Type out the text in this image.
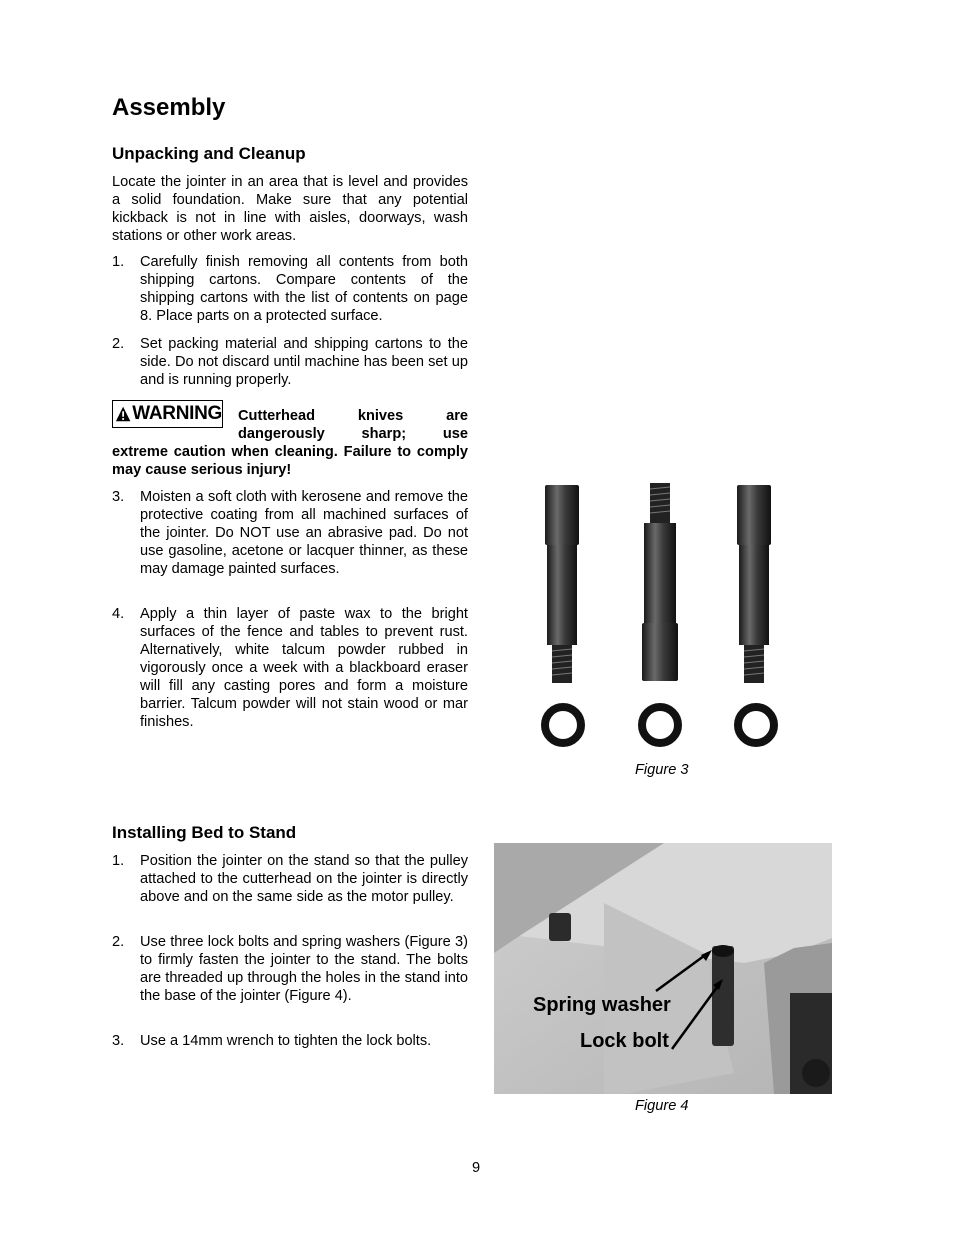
Assembly
Unpacking and Cleanup
Locate the jointer in an area that is level and provides a solid foundation. Make sure that any potential kickback is not in line with aisles, doorways, wash stations or other work areas.
1. Carefully finish removing all contents from both shipping cartons. Compare contents of the shipping cartons with the list of contents on page 8. Place parts on a protected surface.
2. Set packing material and shipping cartons to the side. Do not discard until machine has been set up and is running properly.
WARNING Cutterhead knives are
dangerously sharp; use
extreme caution when cleaning. Failure to comply may cause serious injury!
3. Moisten a soft cloth with kerosene and remove the protective coating from all machined surfaces of the jointer. Do NOT use an abrasive pad. Do not use gasoline, acetone or lacquer thinner, as these may damage painted surfaces.
4. Apply a thin layer of paste wax to the bright surfaces of the fence and tables to prevent rust. Alternatively, white talcum powder rubbed in vigorously once a week with a blackboard eraser will fill any casting pores and form a moisture barrier. Talcum powder will not stain wood or mar finishes.
Figure 3
Installing Bed to Stand
1. Position the jointer on the stand so that the pulley attached to the cutterhead on the jointer is directly above and on the same side as the motor pulley.
2. Use three lock bolts and spring washers (Figure 3) to firmly fasten the jointer to the stand. The bolts are threaded up through the holes in the stand into the base of the jointer (Figure 4).
3. Use a 14mm wrench to tighten the lock bolts.
Spring washer
Lock bolt
Figure 4
9
